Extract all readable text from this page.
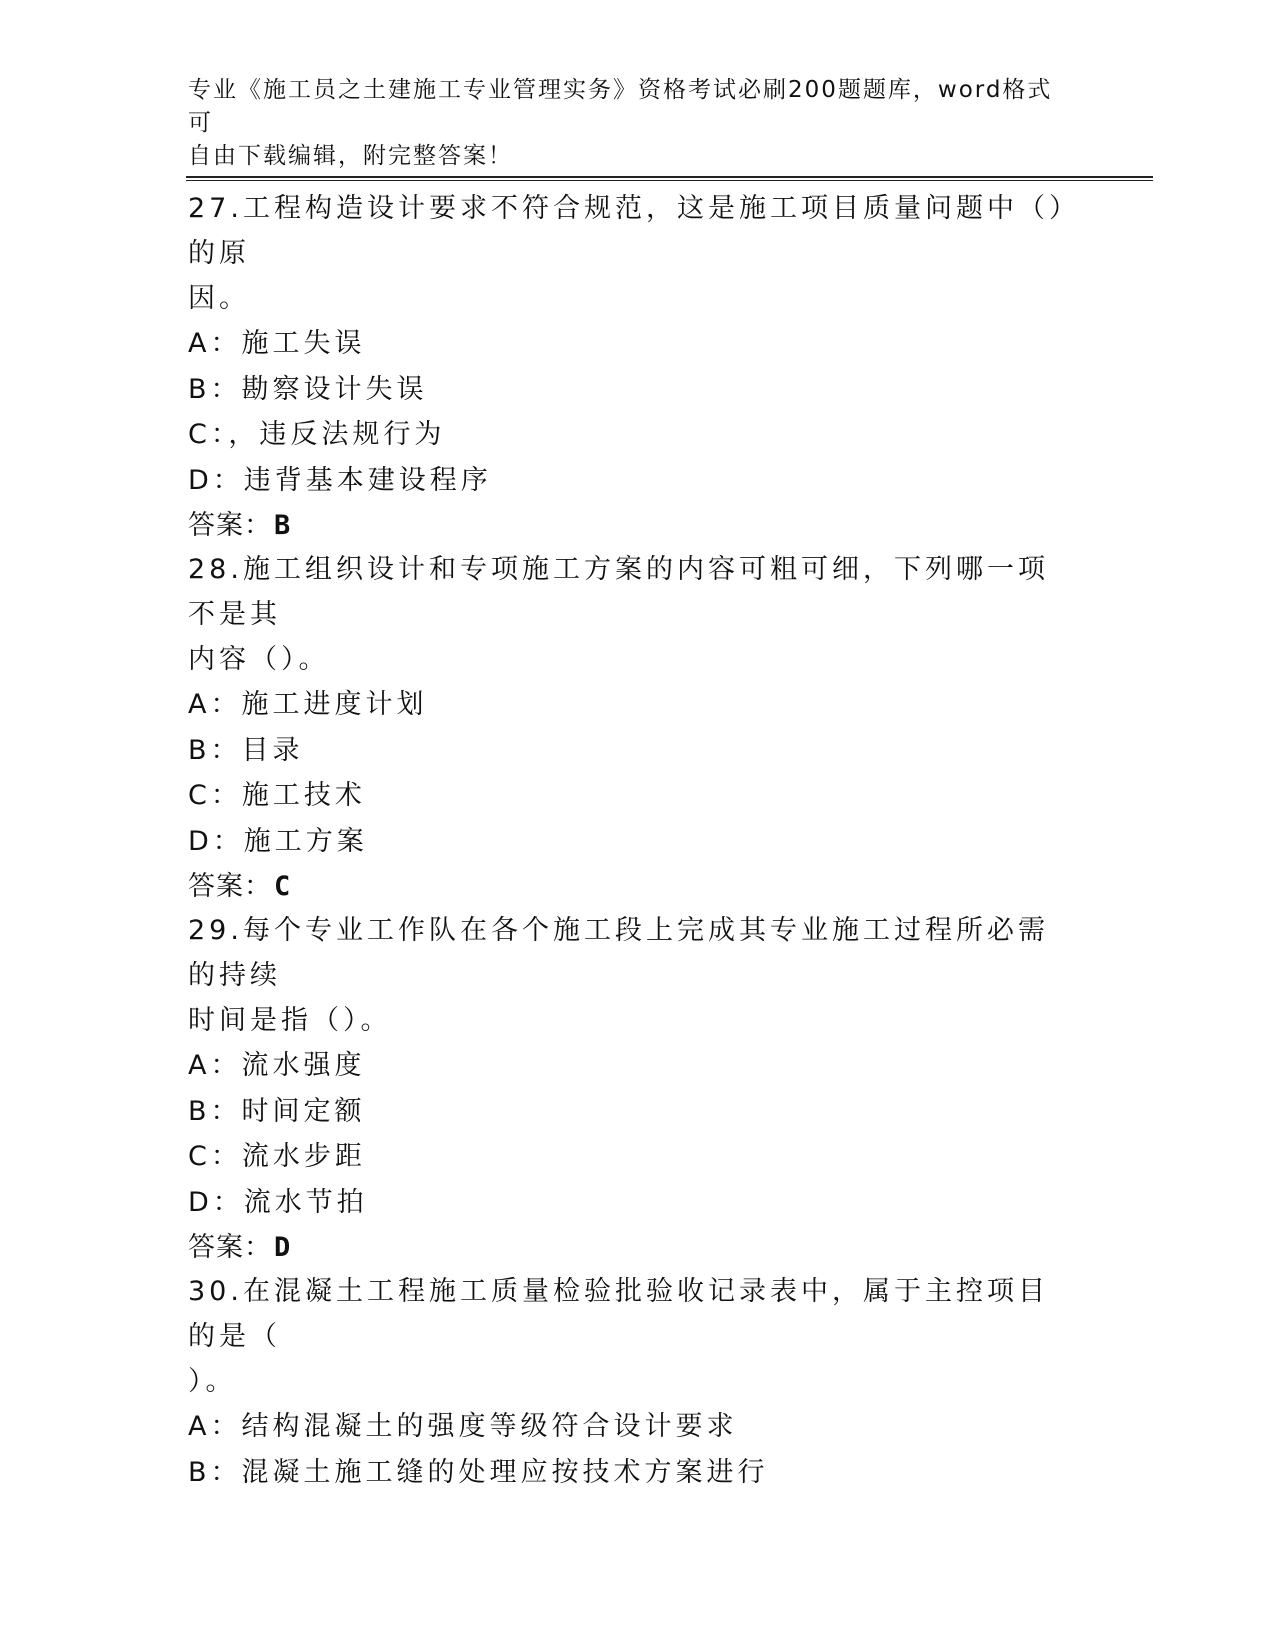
专业《施工员之土建施工专业管理实务》资格考试必刷200题题库，word格式可
自由下载编辑，附完整答案！
27.工程构造设计要求不符合规范，这是施工项目质量问题中（）的原
因。
A：施工失误
B：勘察设计失误
C：，违反法规行为
D：违背基本建设程序
答案：B
28.施工组织设计和专项施工方案的内容可粗可细，下列哪一项不是其
内容（）。
A：施工进度计划
B：目录
C：施工技术
D：施工方案
答案：C
29.每个专业工作队在各个施工段上完成其专业施工过程所必需的持续
时间是指（）。
A：流水强度
B：时间定额
C：流水步距
D：流水节拍
答案：D
30.在混凝土工程施工质量检验批验收记录表中，属于主控项目的是（
）。
A：结构混凝土的强度等级符合设计要求
B：混凝土施工缝的处理应按技术方案进行
